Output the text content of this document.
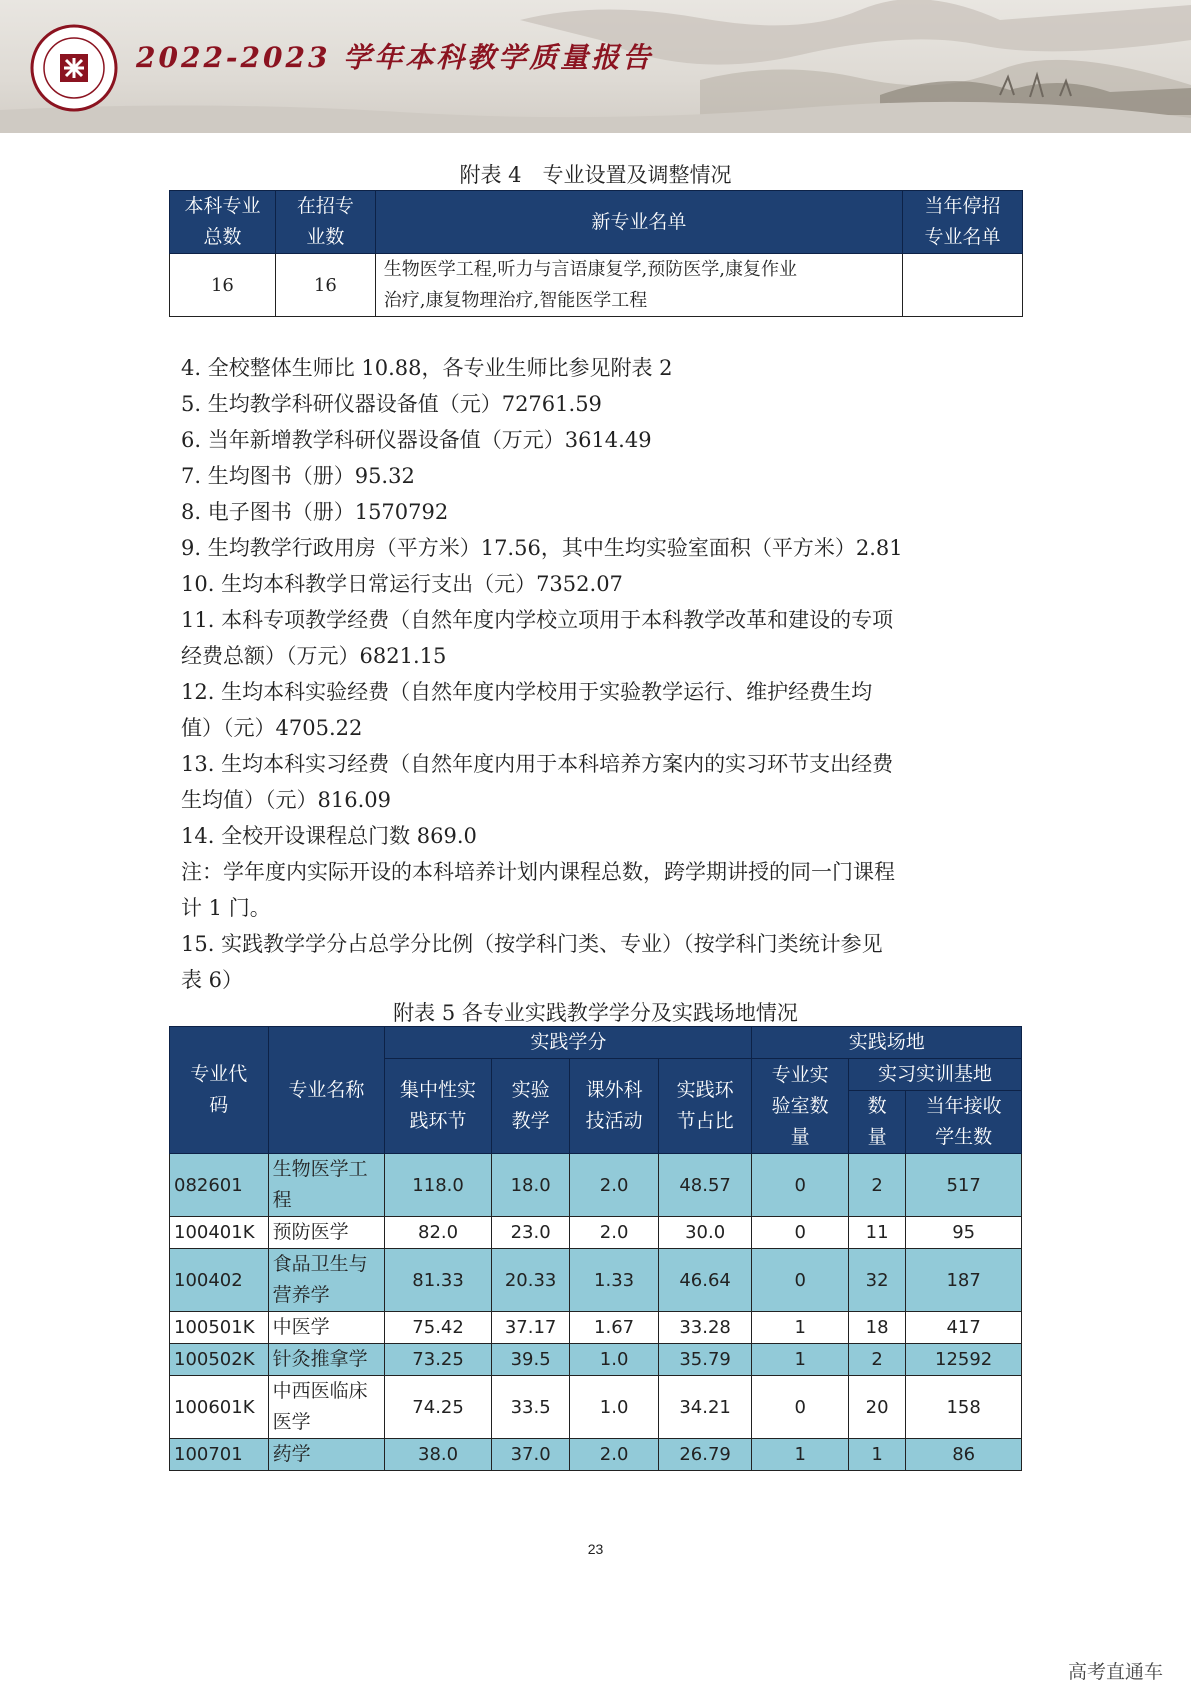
2022-2023 学年本科教学质量报告
附表 4　专业设置及调整情况
本科专业
总数	在招专
业数	新专业名单	当年停招
专业名单
16	16	生物医学工程,听力与言语康复学,预防医学,康复作业
治疗,康复物理治疗,智能医学工程	

4. 全校整体生师比 10.88，各专业生师比参见附表 2
5. 生均教学科研仪器设备值（元）72761.59
6. 当年新增教学科研仪器设备值（万元）3614.49
7. 生均图书（册）95.32
8. 电子图书（册）1570792
9. 生均教学行政用房（平方米）17.56，其中生均实验室面积（平方米）2.81
10. 生均本科教学日常运行支出（元）7352.07
11. 本科专项教学经费（自然年度内学校立项用于本科教学改革和建设的专项
经费总额）（万元）6821.15
12. 生均本科实验经费（自然年度内学校用于实验教学运行、维护经费生均
值）（元）4705.22
13. 生均本科实习经费（自然年度内用于本科培养方案内的实习环节支出经费
生均值）（元）816.09
14. 全校开设课程总门数 869.0
注：学年度内实际开设的本科培养计划内课程总数，跨学期讲授的同一门课程
计 1 门。
15. 实践教学学分占总学分比例（按学科门类、专业）（按学科门类统计参见
表 6）
附表 5 各专业实践教学学分及实践场地情况
专业代
码	专业名称	实践学分				实践场地		
		集中性实
践环节	实验
教学	课外科
技活动	实践环
节占比	专业实
验室数
量	实习实训基地	
							数
量	当年接收
学生数
082601	生物医学工程	118.0	18.0	2.0	48.57	0	2	517
100401K	预防医学	82.0	23.0	2.0	30.0	0	11	95
100402	食品卫生与营养学	81.33	20.33	1.33	46.64	0	32	187
100501K	中医学	75.42	37.17	1.67	33.28	1	18	417
100502K	针灸推拿学	73.25	39.5	1.0	35.79	1	2	12592
100601K	中西医临床医学	74.25	33.5	1.0	34.21	0	20	158
100701	药学	38.0	37.0	2.0	26.79	1	1	86
23
高考直通车
